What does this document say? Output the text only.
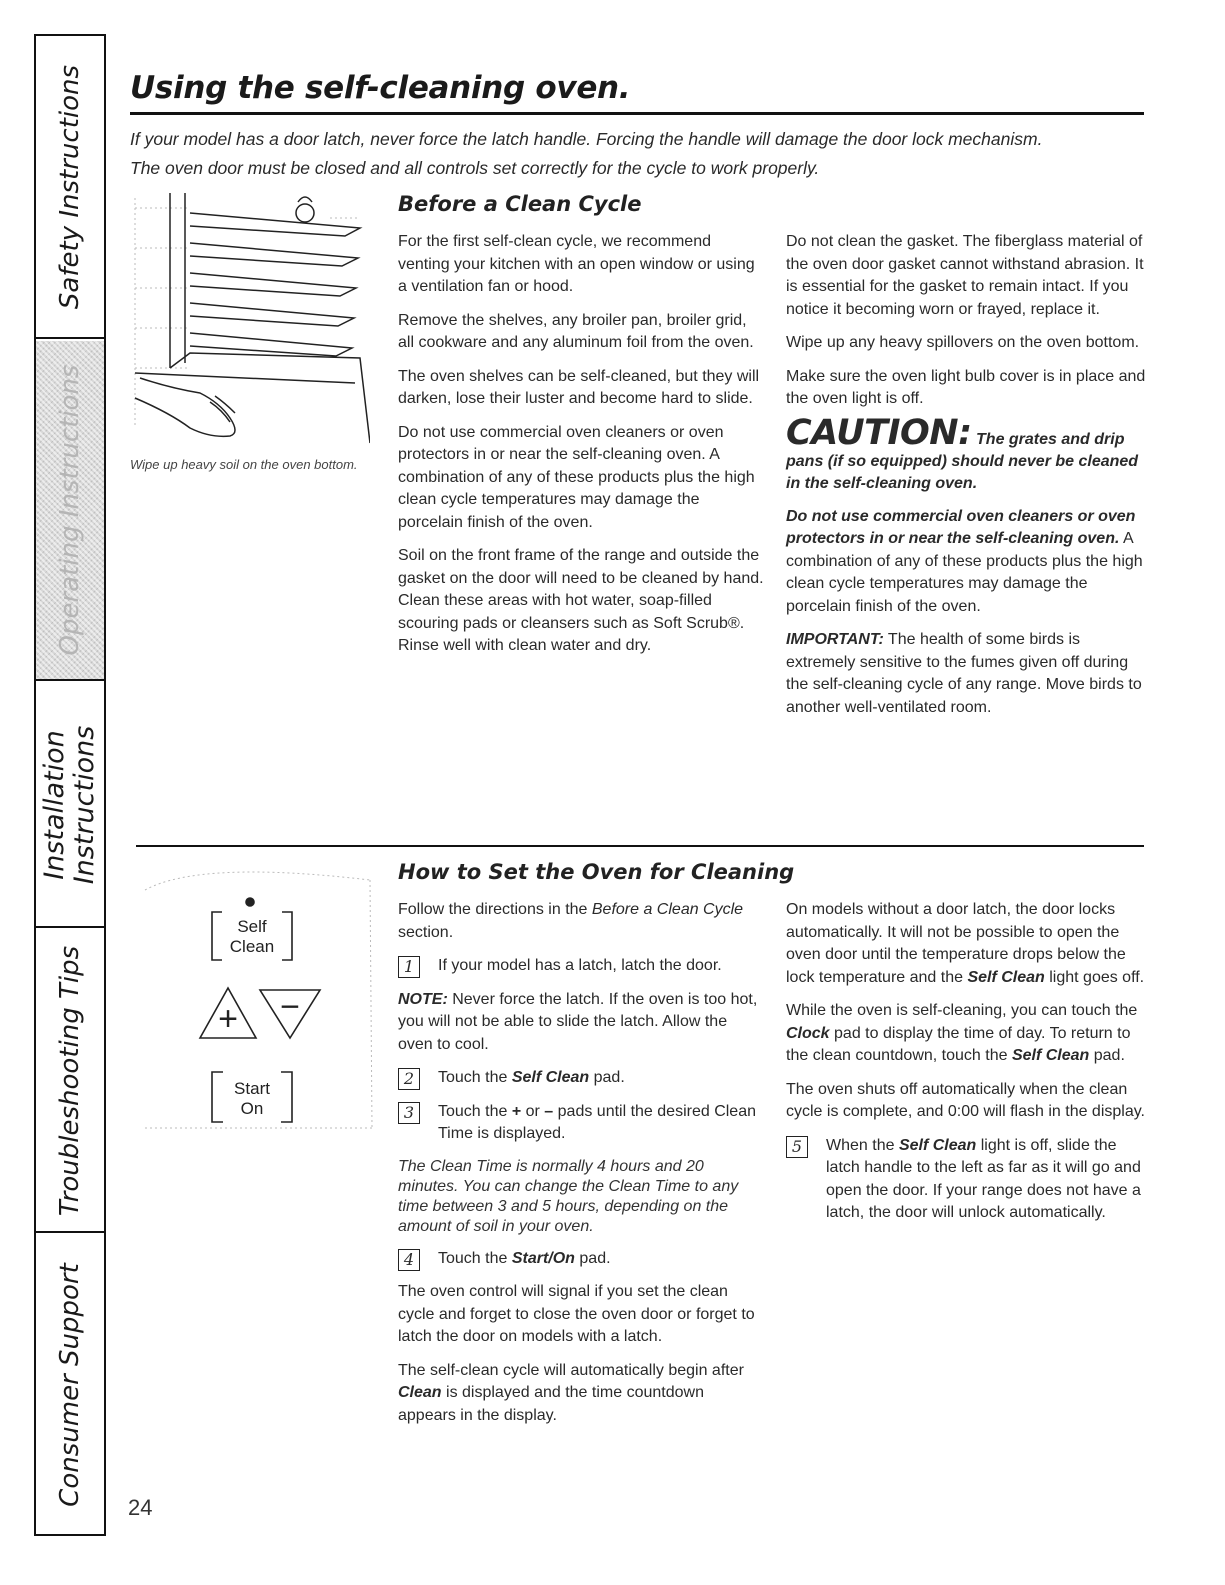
Safety Instructions
Operating Instructions
Installation
Instructions
Troubleshooting Tips
Consumer Support
Using the self-cleaning oven.
If your model has a door latch, never force the latch handle. Forcing the handle will damage the door lock mechanism.
The oven door must be closed and all controls set correctly for the cycle to work properly.
Wipe up heavy soil on the oven bottom.
Before a Clean Cycle

For the first self-clean cycle, we recommend venting your kitchen with an open window or using a ventilation fan or hood.

Remove the shelves, any broiler pan, broiler grid, all cookware and any aluminum foil from the oven.

The oven shelves can be self-cleaned, but they will darken, lose their luster and become hard to slide.

Do not use commercial oven cleaners or oven protectors in or near the self-cleaning oven. A combination of any of these products plus the high clean cycle temperatures may damage the porcelain finish of the oven.

Soil on the front frame of the range and outside the gasket on the door will need to be cleaned by hand. Clean these areas with hot water, soap-filled scouring pads or cleansers such as Soft Scrub®. Rinse well with clean water and dry.

Do not clean the gasket. The fiberglass material of the oven door gasket cannot withstand abrasion. It is essential for the gasket to remain intact. If you notice it becoming worn or frayed, replace it.

Wipe up any heavy spillovers on the oven bottom.

Make sure the oven light bulb cover is in place and the oven light is off.

CAUTION: The grates and drip pans (if so equipped) should never be cleaned in the self-cleaning oven.

Do not use commercial oven cleaners or oven protectors in or near the self-cleaning oven. A combination of any of these products plus the high clean cycle temperatures may damage the porcelain finish of the oven.

IMPORTANT: The health of some birds is extremely sensitive to the fumes given off during the self-cleaning cycle of any range. Move birds to another well-ventilated room.

Self
Clean
+ −
Start
On
How to Set the Oven for Cleaning

Follow the directions in the Before a Clean Cycle section.

1	If your model has a latch, latch the door.

NOTE: Never force the latch. If the oven is too hot, you will not be able to slide the latch. Allow the oven to cool.

2	Touch the Self Clean pad.
3	Touch the + or – pads until the desired Clean Time is displayed.

The Clean Time is normally 4 hours and 20 minutes. You can change the Clean Time to any time between 3 and 5 hours, depending on the amount of soil in your oven.

4	Touch the Start/On pad.

The oven control will signal if you set the clean cycle and forget to close the oven door or forget to latch the door on models with a latch.

The self-clean cycle will automatically begin after Clean is displayed and the time countdown appears in the display.

On models without a door latch, the door locks automatically. It will not be possible to open the oven door until the temperature drops below the lock temperature and the Self Clean light goes off.

While the oven is self-cleaning, you can touch the Clock pad to display the time of day. To return to the clean countdown, touch the Self Clean pad.

The oven shuts off automatically when the clean cycle is complete, and 0:00 will flash in the display.

5	When the Self Clean light is off, slide the latch handle to the left as far as it will go and open the door. If your range does not have a latch, the door will unlock automatically.
24
